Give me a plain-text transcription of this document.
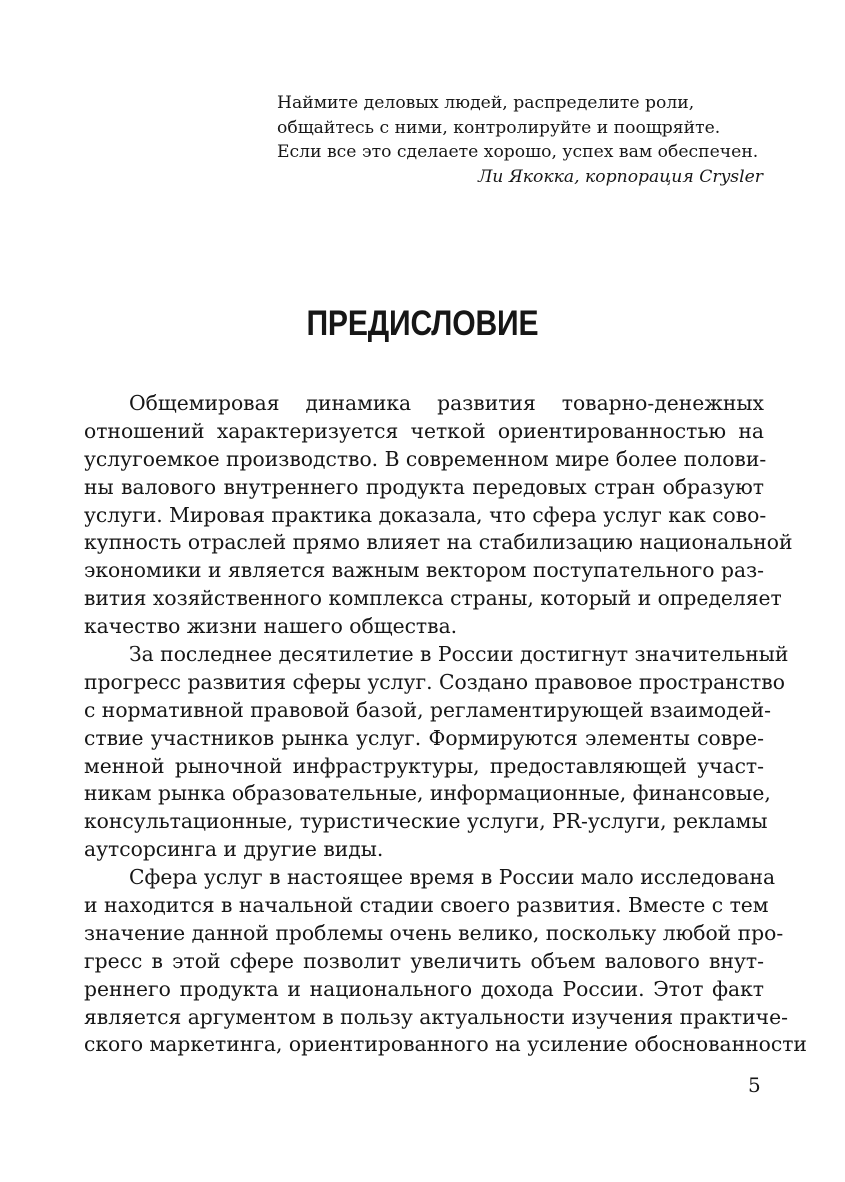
Наймите деловых людей, распределите роли,
общайтесь с ними, контролируйте и поощряйте.
Если все это сделаете хорошо, успех вам обеспечен.
Ли Якокка, корпорация Crysler
ПРЕДИСЛОВИЕ
Общемировая динамика развития товарно-денежных
отношений характеризуется четкой ориентированностью на
услугоемкое производство. В современном мире более полови-
ны валового внутреннего продукта передовых стран образуют
услуги. Мировая практика доказала, что сфера услуг как сово-
купность отраслей прямо влияет на стабилизацию национальной
экономики и является важным вектором поступательного раз-
вития хозяйственного комплекса страны, который и определяет
качество жизни нашего общества.
За последнее десятилетие в России достигнут значительный
прогресс развития сферы услуг. Создано правовое пространство
с нормативной правовой базой, регламентирующей взаимодей-
ствие участников рынка услуг. Формируются элементы совре-
менной рыночной инфраструктуры, предоставляющей участ-
никам рынка образовательные, информационные, финансовые,
консультационные, туристические услуги, PR-услуги, рекламы
аутсорсинга и другие виды.
Сфера услуг в настоящее время в России мало исследована
и находится в начальной стадии своего развития. Вместе с тем
значение данной проблемы очень велико, поскольку любой про-
гресс в этой сфере позволит увеличить объем валового внут-
реннего продукта и национального дохода России. Этот факт
является аргументом в пользу актуальности изучения практиче-
ского маркетинга, ориентированного на усиление обоснованности
5
